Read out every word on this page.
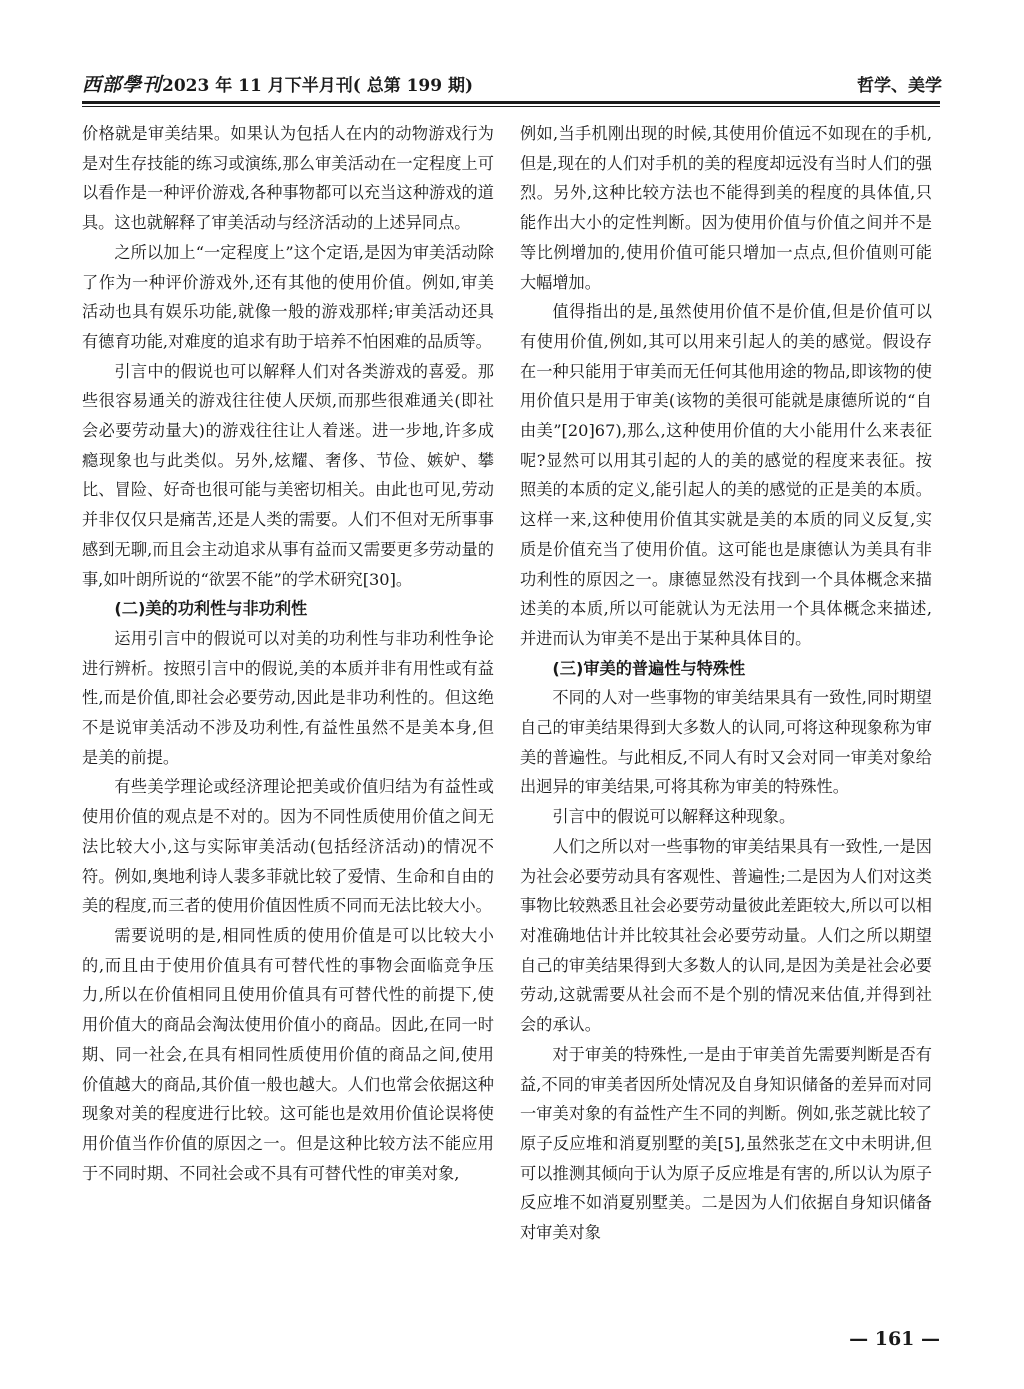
西部學刊 2023 年 11 月下半月刊( 总第 199 期)	哲学、美学

价格就是审美结果。如果认为包括人在内的动物游戏行为是对生存技能的练习或演练,那么审美活动在一定程度上可以看作是一种评价游戏,各种事物都可以充当这种游戏的道具。这也就解释了审美活动与经济活动的上述异同点。

之所以加上“一定程度上”这个定语,是因为审美活动除了作为一种评价游戏外,还有其他的使用价值。例如,审美活动也具有娱乐功能,就像一般的游戏那样;审美活动还具有德育功能,对难度的追求有助于培养不怕困难的品质等。

引言中的假说也可以解释人们对各类游戏的喜爱。那些很容易通关的游戏往往使人厌烦,而那些很难通关(即社会必要劳动量大)的游戏往往让人着迷。进一步地,许多成瘾现象也与此类似。另外,炫耀、奢侈、节俭、嫉妒、攀比、冒险、好奇也很可能与美密切相关。由此也可见,劳动并非仅仅只是痛苦,还是人类的需要。人们不但对无所事事感到无聊,而且会主动追求从事有益而又需要更多劳动量的事,如叶朗所说的“欲罢不能”的学术研究[30]。

(二)美的功利性与非功利性

运用引言中的假说可以对美的功利性与非功利性争论进行辨析。按照引言中的假说,美的本质并非有用性或有益性,而是价值,即社会必要劳动,因此是非功利性的。但这绝不是说审美活动不涉及功利性,有益性虽然不是美本身,但是美的前提。

有些美学理论或经济理论把美或价值归结为有益性或使用价值的观点是不对的。因为不同性质使用价值之间无法比较大小,这与实际审美活动(包括经济活动)的情况不符。例如,奥地利诗人裴多菲就比较了爱情、生命和自由的美的程度,而三者的使用价值因性质不同而无法比较大小。

需要说明的是,相同性质的使用价值是可以比较大小的,而且由于使用价值具有可替代性的事物会面临竞争压力,所以在价值相同且使用价值具有可替代性的前提下,使用价值大的商品会淘汰使用价值小的商品。因此,在同一时期、同一社会,在具有相同性质使用价值的商品之间,使用价值越大的商品,其价值一般也越大。人们也常会依据这种现象对美的程度进行比较。这可能也是效用价值论误将使用价值当作价值的原因之一。但是这种比较方法不能应用于不同时期、不同社会或不具有可替代性的审美对象,

例如,当手机刚出现的时候,其使用价值远不如现在的手机,但是,现在的人们对手机的美的程度却远没有当时人们的强烈。另外,这种比较方法也不能得到美的程度的具体值,只能作出大小的定性判断。因为使用价值与价值之间并不是等比例增加的,使用价值可能只增加一点点,但价值则可能大幅增加。

值得指出的是,虽然使用价值不是价值,但是价值可以有使用价值,例如,其可以用来引起人的美的感觉。假设存在一种只能用于审美而无任何其他用途的物品,即该物的使用价值只是用于审美(该物的美很可能就是康德所说的“自由美”[20]67),那么,这种使用价值的大小能用什么来表征呢?显然可以用其引起的人的美的感觉的程度来表征。按照美的本质的定义,能引起人的美的感觉的正是美的本质。这样一来,这种使用价值其实就是美的本质的同义反复,实质是价值充当了使用价值。这可能也是康德认为美具有非功利性的原因之一。康德显然没有找到一个具体概念来描述美的本质,所以可能就认为无法用一个具体概念来描述,并进而认为审美不是出于某种具体目的。

(三)审美的普遍性与特殊性

不同的人对一些事物的审美结果具有一致性,同时期望自己的审美结果得到大多数人的认同,可将这种现象称为审美的普遍性。与此相反,不同人有时又会对同一审美对象给出迥异的审美结果,可将其称为审美的特殊性。

引言中的假说可以解释这种现象。

人们之所以对一些事物的审美结果具有一致性,一是因为社会必要劳动具有客观性、普遍性;二是因为人们对这类事物比较熟悉且社会必要劳动量彼此差距较大,所以可以相对准确地估计并比较其社会必要劳动量。人们之所以期望自己的审美结果得到大多数人的认同,是因为美是社会必要劳动,这就需要从社会而不是个别的情况来估值,并得到社会的承认。

对于审美的特殊性,一是由于审美首先需要判断是否有益,不同的审美者因所处情况及自身知识储备的差异而对同一审美对象的有益性产生不同的判断。例如,张芝就比较了原子反应堆和消夏别墅的美[5],虽然张芝在文中未明讲,但可以推测其倾向于认为原子反应堆是有害的,所以认为原子反应堆不如消夏别墅美。二是因为人们依据自身知识储备对审美对象

— 161 —
